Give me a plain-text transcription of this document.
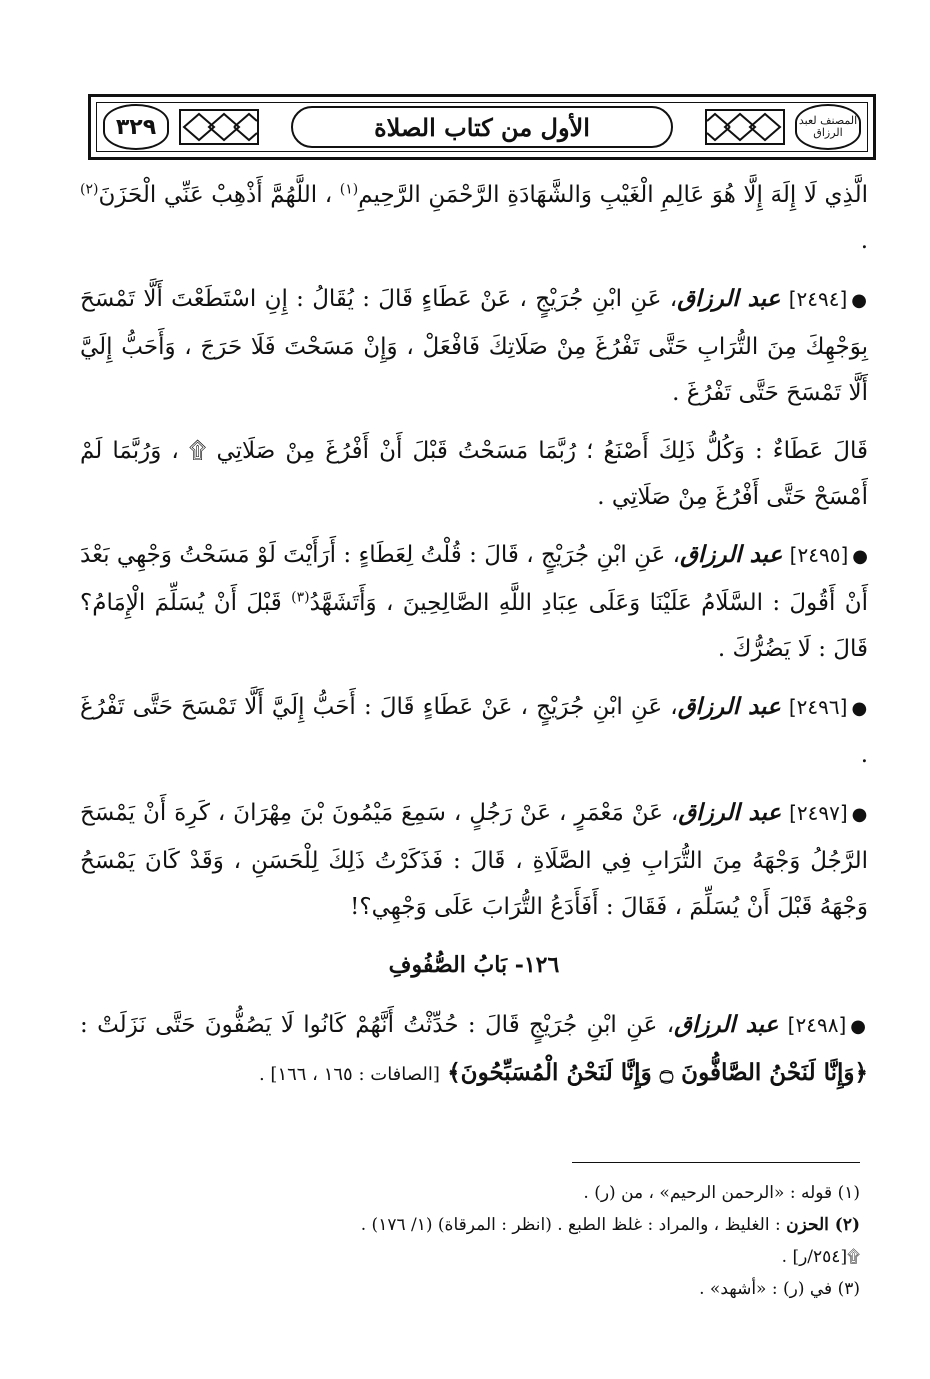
٣٢٩	الأول من كتاب الصلاة	المصنف لعبد الرزاق

الَّذِي لَا إِلَهَ إِلَّا هُوَ عَالِمِ الْغَيْبِ وَالشَّهَادَةِ الرَّحْمَنِ الرَّحِيمِ$^{(١)}$ ، اللَّهُمَّ أَذْهِبْ عَنِّي الْحَزَنَ$^{(٢)}$ .

●[٢٤٩٤] عبد الرزاق، عَنِ ابْنِ جُرَيْجٍ ، عَنْ عَطَاءٍ قَالَ : يُقَالُ : إِنِ اسْتَطَعْتَ أَلَّا تَمْسَحَ بِوَجْهِكَ مِنَ التُّرَابِ حَتَّى تَفْرُغَ مِنْ صَلَاتِكَ فَافْعَلْ ، وَإِنْ مَسَحْتَ فَلَا حَرَجَ ، وَأَحَبُّ إِلَيَّ أَلَّا تَمْسَحَ حَتَّى تَفْرُغَ .

قَالَ عَطَاءٌ : وَكُلُّ ذَلِكَ أَصْنَعُ ؛ رُبَّمَا مَسَحْتُ قَبْلَ أَنْ أَفْرُغَ مِنْ صَلَاتِي ۩ ، وَرُبَّمَا لَمْ أَمْسَحْ حَتَّى أَفْرُغَ مِنْ صَلَاتِي .

●[٢٤٩٥] عبد الرزاق، عَنِ ابْنِ جُرَيْجٍ ، قَالَ : قُلْتُ لِعَطَاءٍ : أَرَأَيْتَ لَوْ مَسَحْتُ وَجْهِي بَعْدَ أَنْ أَقُولَ : السَّلَامُ عَلَيْنَا وَعَلَى عِبَادِ اللَّهِ الصَّالِحِينَ ، وَأَتَشَهَّدُ$^{(٣)}$ قَبْلَ أَنْ يُسَلِّمَ الْإِمَامُ؟ قَالَ : لَا يَضُرُّكَ .

●[٢٤٩٦] عبد الرزاق، عَنِ ابْنِ جُرَيْجٍ ، عَنْ عَطَاءٍ قَالَ : أَحَبُّ إِلَيَّ أَلَّا تَمْسَحَ حَتَّى تَفْرُغَ .

●[٢٤٩٧] عبد الرزاق، عَنْ مَعْمَرٍ ، عَنْ رَجُلٍ ، سَمِعَ مَيْمُونَ بْنَ مِهْرَانَ ، كَرِهَ أَنْ يَمْسَحَ الرَّجُلُ وَجْهَهُ مِنَ التُّرَابِ فِي الصَّلَاةِ ، قَالَ : فَذَكَرْتُ ذَلِكَ لِلْحَسَنِ ، وَقَدْ كَانَ يَمْسَحُ وَجْهَهُ قَبْلَ أَنْ يُسَلِّمَ ، فَقَالَ : أَفَأَدَعُ التُّرَابَ عَلَى وَجْهِي؟!

١٢٦- بَابُ الصُّفُوفِ

●[٢٤٩٨] عبد الرزاق، عَنِ ابْنِ جُرَيْجٍ قَالَ : حُدِّثْتُ أَنَّهُمْ كَانُوا لَا يَصُفُّونَ حَتَّى نَزَلَتْ : ﴿وَإِنَّا لَنَحْنُ الصَّافُّونَ ۝ وَإِنَّا لَنَحْنُ الْمُسَبِّحُونَ﴾ [الصافات : ١٦٥ ، ١٦٦] .

(١) قوله : «الرحمن الرحيم» ، من (ر) .

(٢) الحزن : الغليظ ، والمراد : غلظ الطبع . (انظر : المرقاة) (١/ ١٧٦) .

۩[٢٥٤/ر] .

(٣) في (ر) : «أشهد» .
